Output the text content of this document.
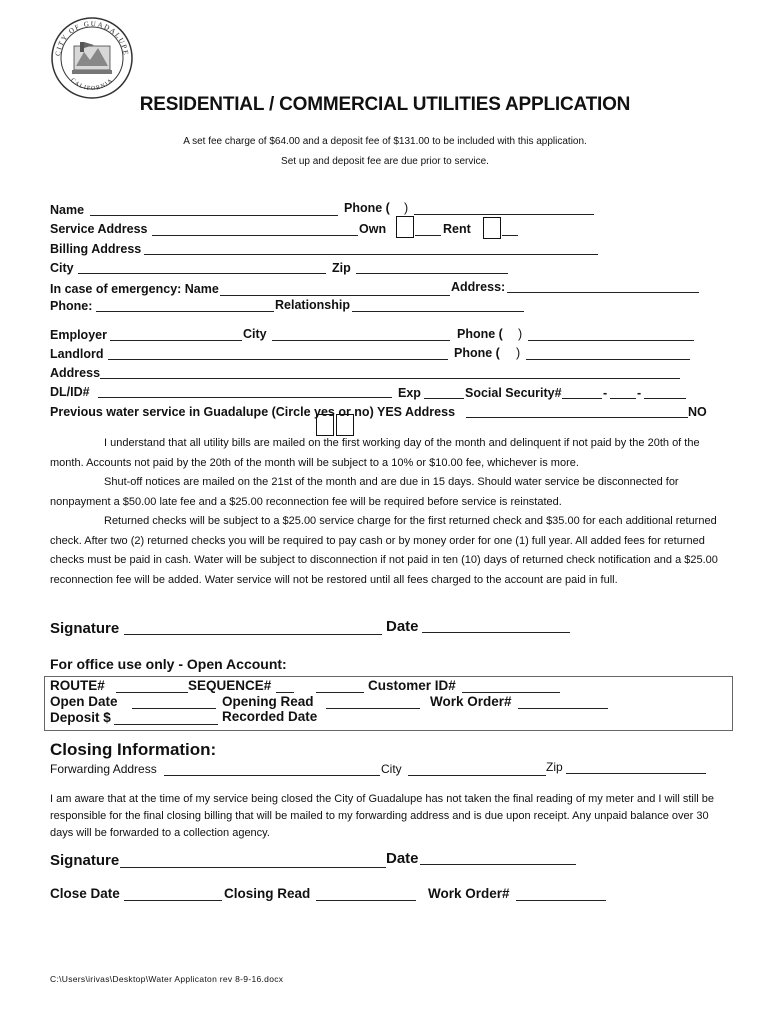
CITY OF GUADALUPE
CALIFORNIA
RESIDENTIAL / COMMERCIAL UTILITIES APPLICATION
A set fee charge of $64.00 and a deposit fee of $131.00 to be included with this application.
Set up and deposit fee are due prior to service.
Name	Phone ( )
Service Address	Own	Rent
Billing Address
City	Zip
In case of emergency: Name	Address:
Phone:	Relationship
Employer	City	Phone ( )
Landlord	Phone ( )
Address
DL/ID#	Exp	Social Security#	- -
Previous water service in Guadalupe (Circle yes or no) YES Address	NO

I understand that all utility bills are mailed on the first working day of the month and delinquent if not paid by the 20th of the month. Accounts not paid by the 20th of the month will be subject to a 10% or $10.00 fee, whichever is more.

Shut-off notices are mailed on the 21st of the month and are due in 15 days. Should water service be disconnected for nonpayment a $50.00 late fee and a $25.00 reconnection fee will be required before service is reinstated.

Returned checks will be subject to a $25.00 service charge for the first returned check and $35.00 for each additional returned check. After two (2) returned checks you will be required to pay cash or by money order for one (1) full year. All added fees for returned checks must be paid in cash. Water will be subject to disconnection if not paid in ten (10) days of returned check notification and a $25.00 reconnection fee will be added. Water service will not be restored until all fees charged to the account are paid in full.

Signature	Date
For office use only - Open Account:
ROUTE#	SEQUENCE#	Customer ID#
Open Date	Opening Read	Work Order#
Deposit $	Recorded Date
Closing Information:
Forwarding Address	City	Zip
I am aware that at the time of my service being closed the City of Guadalupe has not taken the final reading of my meter and I will still be responsible for the final closing billing that will be mailed to my forwarding address and is due upon receipt. Any unpaid balance over 30 days will be forwarded to a collection agency.
Signature	Date
Close Date	Closing Read	Work Order#
C:\Users\irivas\Desktop\Water Applicaton rev 8-9-16.docx
